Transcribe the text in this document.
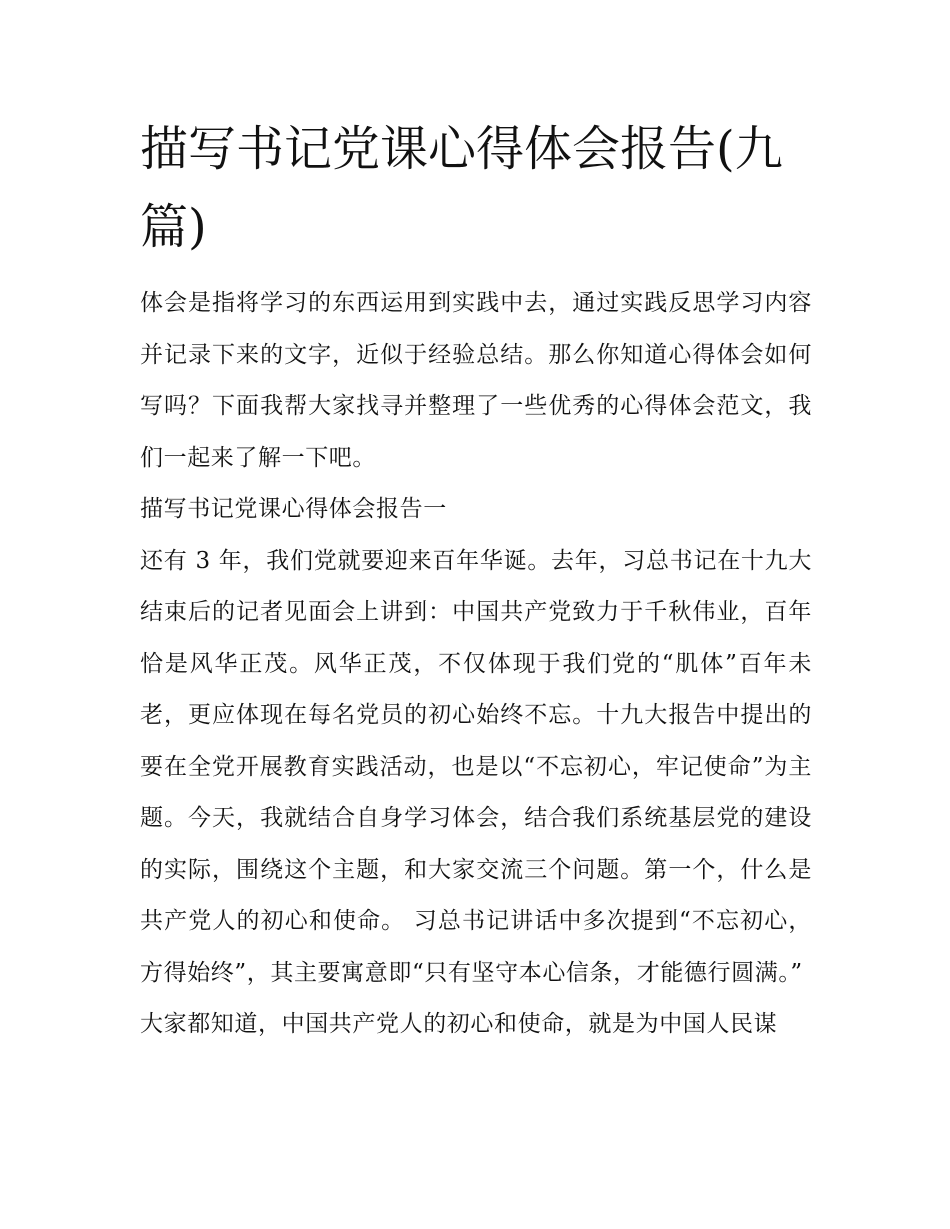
描写书记党课心得体会报告(九篇)

体会是指将学习的东西运用到实践中去，通过实践反思学习内容并记录下来的文字，近似于经验总结。那么你知道心得体会如何写吗？下面我帮大家找寻并整理了一些优秀的心得体会范文，我们一起来了解一下吧。

描写书记党课心得体会报告一

还有 3 年，我们党就要迎来百年华诞。去年，习总书记在十九大结束后的记者见面会上讲到：中国共产党致力于千秋伟业，百年恰是风华正茂。风华正茂，不仅体现于我们党的“肌体”百年未老，更应体现在每名党员的初心始终不忘。十九大报告中提出的要在全党开展教育实践活动，也是以“不忘初心，牢记使命”为主题。今天，我就结合自身学习体会，结合我们系统基层党的建设的实际，围绕这个主题，和大家交流三个问题。第一个，什么是共产党人的初心和使命。 习总书记讲话中多次提到“不忘初心，方得始终”，其主要寓意即“只有坚守本心信条，才能德行圆满。”

大家都知道，中国共产党人的初心和使命，就是为中国人民谋
